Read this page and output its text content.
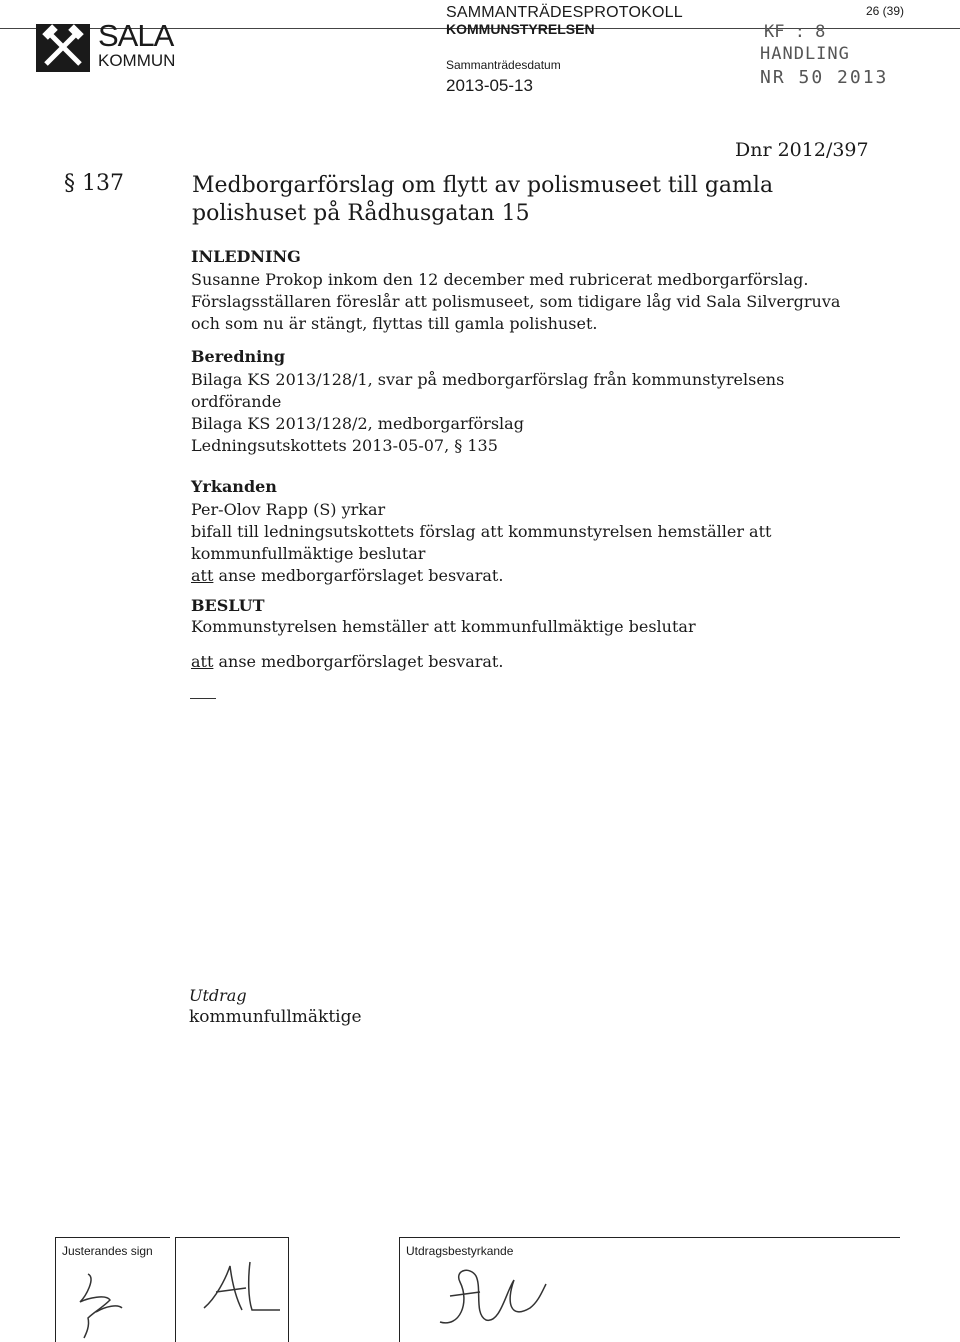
SALA
KOMMUN
SAMMANTRÄDESPROTOKOLL
KOMMUNSTYRELSEN
Sammanträdesdatum
2013-05-13
26 (39)
KF : 8
HANDLING
NR 50 2013
Dnr 2012/397
§ 137	Medborgarförslag om flytt av polismuseet till gamla polishuset på Rådhusgatan 15
INLEDNING
Susanne Prokop inkom den 12 december med rubricerat medborgarförslag. Förslagsställaren föreslår att polismuseet, som tidigare låg vid Sala Silvergruva och som nu är stängt, flyttas till gamla polishuset.
Beredning
Bilaga KS 2013/128/1, svar på medborgarförslag från kommunstyrelsens ordförande
Bilaga KS 2013/128/2, medborgarförslag
Ledningsutskottets 2013-05-07, § 135
Yrkanden
Per-Olov Rapp (S) yrkar
bifall till ledningsutskottets förslag att kommunstyrelsen hemställer att kommunfullmäktige beslutar
att anse medborgarförslaget besvarat.
BESLUT
Kommunstyrelsen hemställer att kommunfullmäktige beslutar
att anse medborgarförslaget besvarat.
Utdrag
kommunfullmäktige
Justerandes sign	Utdragsbestyrkande
